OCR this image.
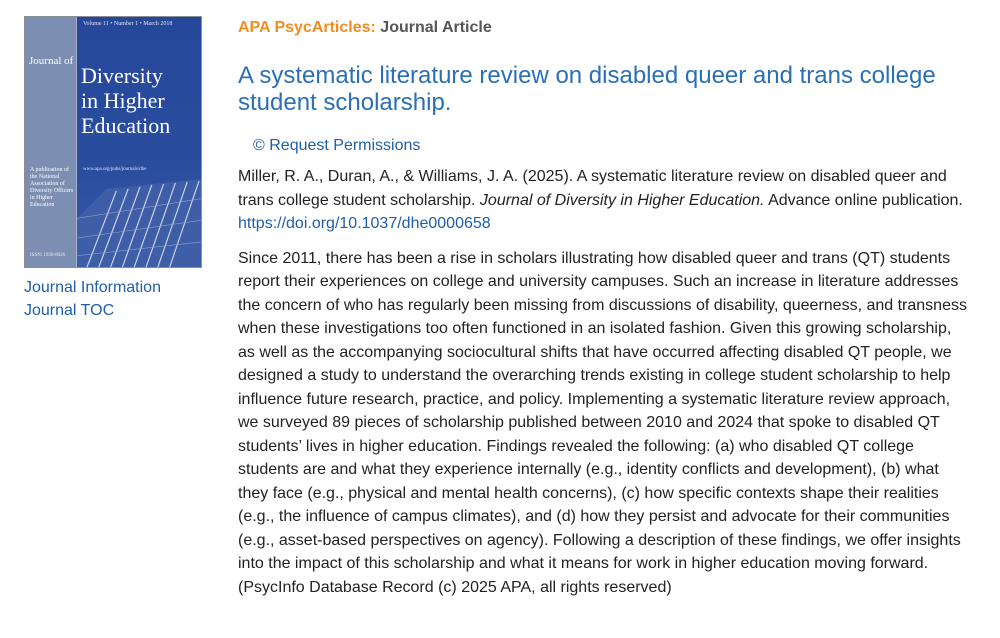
Volume 11 • Number 1 • March 2018
Journal of
Diversity
in Higher
Education
A publication of the National Association of Diversity Officers in Higher Education
www.apa.org/pubs/journals/dhe
ISSN: 1938-8926
Journal Information
Journal TOC
APA PsycArticles: Journal Article
A systematic literature review on disabled queer and trans college student scholarship.
© Request Permissions

Miller, R. A., Duran, A., & Williams, J. A. (2025). A systematic literature review on disabled queer and trans college student scholarship. Journal of Diversity in Higher Education. Advance online publication. https://doi.org/10.1037/dhe0000658

Since 2011, there has been a rise in scholars illustrating how disabled queer and trans (QT) students report their experiences on college and university campuses. Such an increase in literature addresses the concern of who has regularly been missing from discussions of disability, queerness, and transness when these investigations too often functioned in an isolated fashion. Given this growing scholarship, as well as the accompanying sociocultural shifts that have occurred affecting disabled QT people, we designed a study to understand the overarching trends existing in college student scholarship to help influence future research, practice, and policy. Implementing a systematic literature review approach, we surveyed 89 pieces of scholarship published between 2010 and 2024 that spoke to disabled QT students’ lives in higher education. Findings revealed the following: (a) who disabled QT college students are and what they experience internally (e.g., identity conflicts and development), (b) what they face (e.g., physical and mental health concerns), (c) how specific contexts shape their realities (e.g., the influence of campus climates), and (d) how they persist and advocate for their communities (e.g., asset-based perspectives on agency). Following a description of these findings, we offer insights into the impact of this scholarship and what it means for work in higher education moving forward. (PsycInfo Database Record (c) 2025 APA, all rights reserved)
